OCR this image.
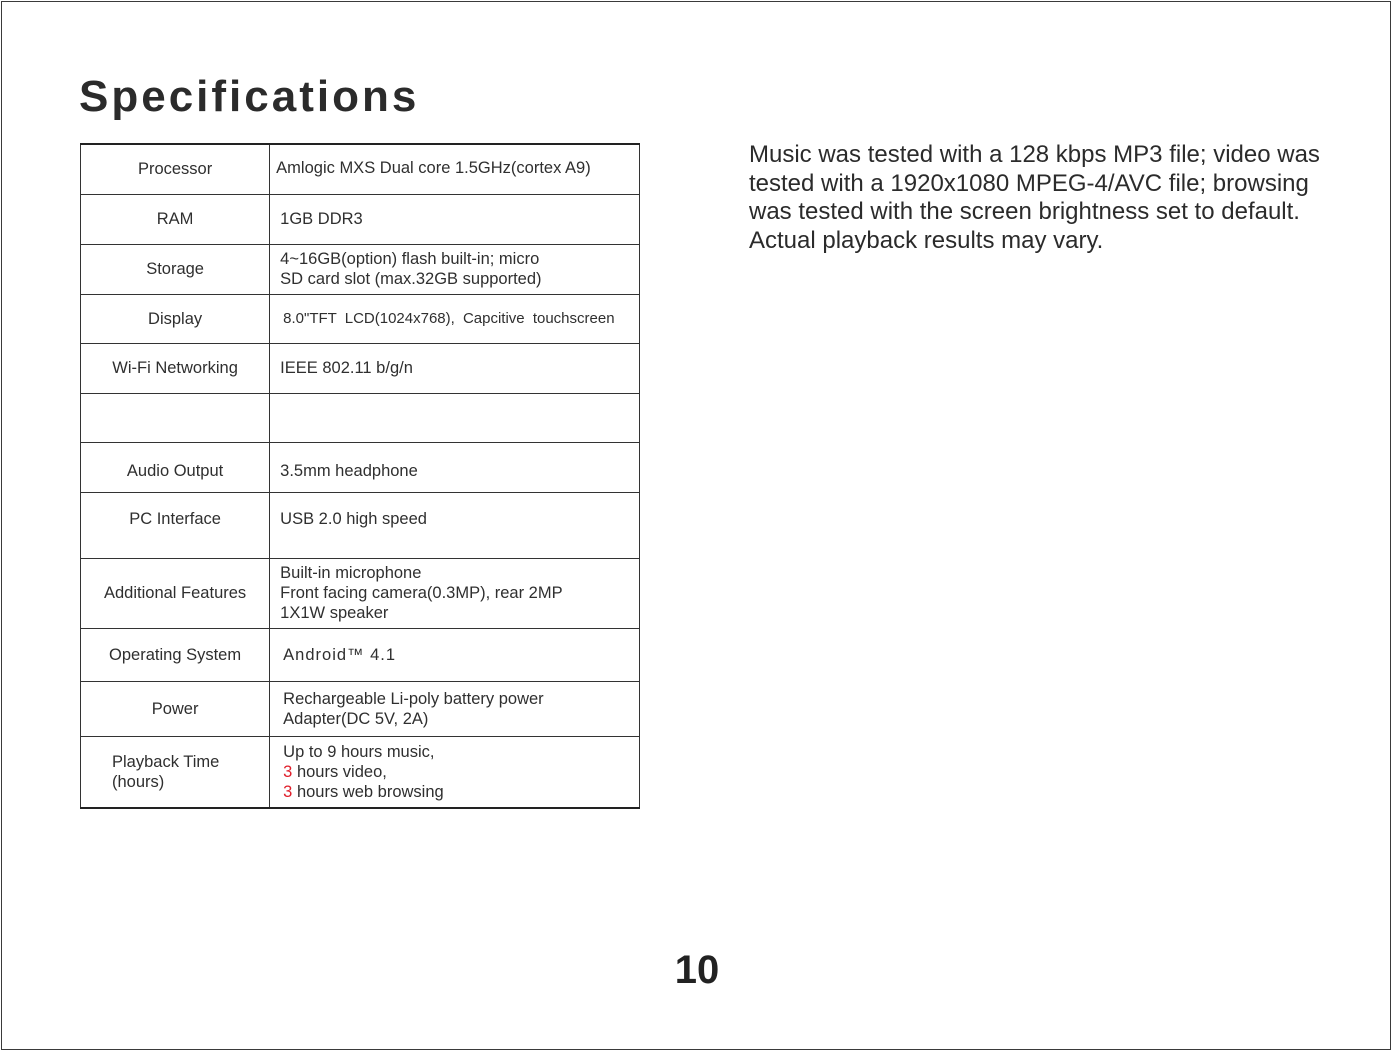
Specifications
Processor	Amlogic MXS Dual core 1.5GHz(cortex A9)
RAM	1GB DDR3
Storage	4~16GB(option) flash built-in; micro
SD card slot (max.32GB supported)

Display	8.0"TFT LCD(1024x768), Capcitive touchscreen
Wi-Fi Networking	IEEE 802.11 b/g/n

Audio Output	3.5mm headphone
PC Interface	USB 2.0 high speed
Additional Features	Built-in microphone
Front facing camera(0.3MP), rear 2MP
1X1W speaker

Operating System	Android™ 4.1
Power	Rechargeable Li-poly battery power
Adapter(DC 5V, 2A)

Playback Time
(hours)	Up to 9 hours music,
3 hours video,
3 hours web browsing

Music was tested with a 128 kbps MP3 file; video was tested with a 1920x1080 MPEG-4/AVC file; browsing was tested with the screen brightness set to default. Actual playback results may vary.

10
